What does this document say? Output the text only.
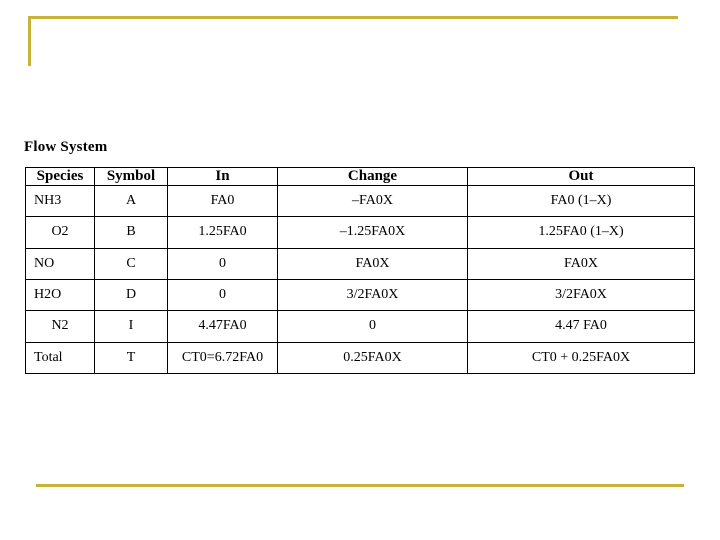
Flow System
Species	Symbol	In	Change	Out
NH3	A	FA0	–FA0X	FA0 (1–X)
O2	B	1.25FA0	–1.25FA0X	1.25FA0 (1–X)
NO	C	0	FA0X	FA0X
H2O	D	0	3/2FA0X	3/2FA0X
N2	I	4.47FA0	0	4.47 FA0
Total	T	CT0=6.72FA0	0.25FA0X	CT0 + 0.25FA0X
